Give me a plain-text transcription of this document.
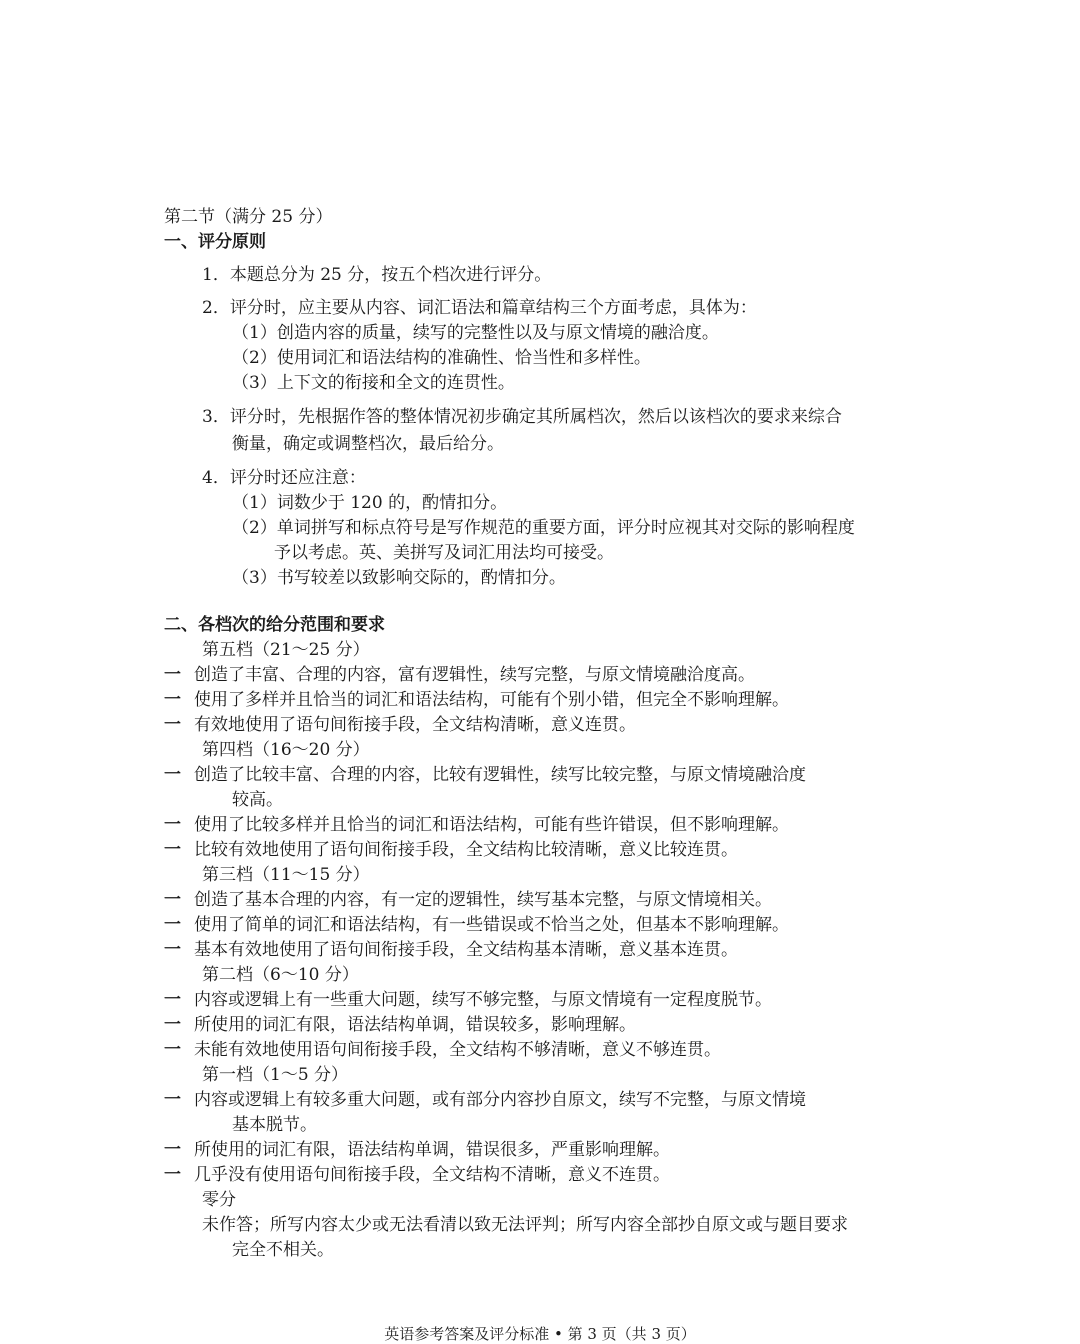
第二节（满分 25 分）
一、评分原则
1．本题总分为 25 分，按五个档次进行评分。
2．评分时，应主要从内容、词汇语法和篇章结构三个方面考虑，具体为：
（1）创造内容的质量，续写的完整性以及与原文情境的融洽度。
（2）使用词汇和语法结构的准确性、恰当性和多样性。
（3）上下文的衔接和全文的连贯性。
3．评分时，先根据作答的整体情况初步确定其所属档次，然后以该档次的要求来综合
衡量，确定或调整档次，最后给分。
4．评分时还应注意：
（1）词数少于 120 的，酌情扣分。
（2）单词拼写和标点符号是写作规范的重要方面，评分时应视其对交际的影响程度
予以考虑。英、美拼写及词汇用法均可接受。
（3）书写较差以致影响交际的，酌情扣分。
二、各档次的给分范围和要求
第五档（21～25 分）
一 创造了丰富、合理的内容，富有逻辑性，续写完整，与原文情境融洽度高。
一 使用了多样并且恰当的词汇和语法结构，可能有个别小错，但完全不影响理解。
一 有效地使用了语句间衔接手段，全文结构清晰，意义连贯。
第四档（16～20 分）
一 创造了比较丰富、合理的内容，比较有逻辑性，续写比较完整，与原文情境融洽度
较高。
一 使用了比较多样并且恰当的词汇和语法结构，可能有些许错误，但不影响理解。
一 比较有效地使用了语句间衔接手段，全文结构比较清晰，意义比较连贯。
第三档（11～15 分）
一 创造了基本合理的内容，有一定的逻辑性，续写基本完整，与原文情境相关。
一 使用了简单的词汇和语法结构，有一些错误或不恰当之处，但基本不影响理解。
一 基本有效地使用了语句间衔接手段，全文结构基本清晰，意义基本连贯。
第二档（6～10 分）
一 内容或逻辑上有一些重大问题，续写不够完整，与原文情境有一定程度脱节。
一 所使用的词汇有限，语法结构单调，错误较多，影响理解。
一 未能有效地使用语句间衔接手段，全文结构不够清晰，意义不够连贯。
第一档（1～5 分）
一 内容或逻辑上有较多重大问题，或有部分内容抄自原文，续写不完整，与原文情境
基本脱节。
一 所使用的词汇有限，语法结构单调，错误很多，严重影响理解。
一 几乎没有使用语句间衔接手段，全文结构不清晰，意义不连贯。
零分
未作答；所写内容太少或无法看清以致无法评判；所写内容全部抄自原文或与题目要求
完全不相关。
英语参考答案及评分标准 • 第 3 页（共 3 页）
